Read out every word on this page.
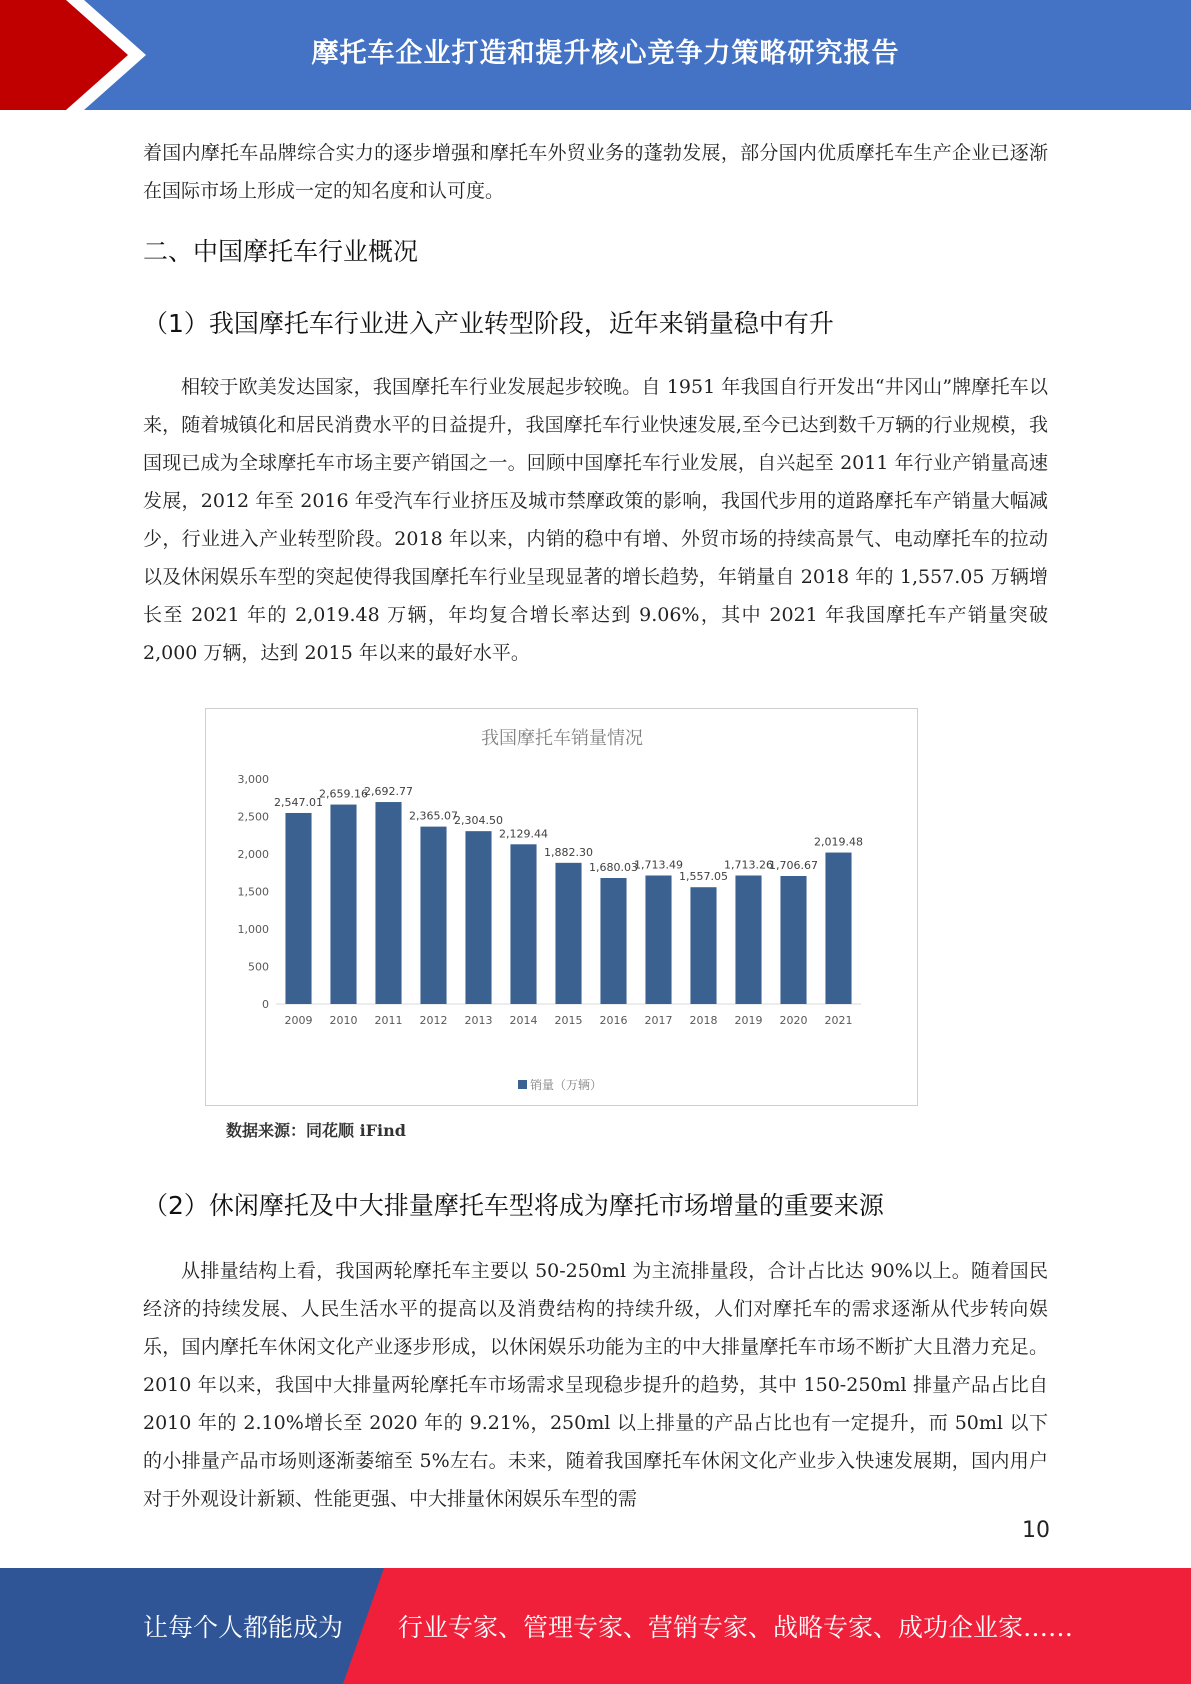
摩托车企业打造和提升核心竞争力策略研究报告

着国内摩托车品牌综合实力的逐步增强和摩托车外贸业务的蓬勃发展，部分国内优质摩托车生产企业已逐渐在国际市场上形成一定的知名度和认可度。

二、中国摩托车行业概况
（1）我国摩托车行业进入产业转型阶段，近年来销量稳中有升

相较于欧美发达国家，我国摩托车行业发展起步较晚。自 1951 年我国自行开发出“井冈山”牌摩托车以来，随着城镇化和居民消费水平的日益提升，我国摩托车行业快速发展,至今已达到数千万辆的行业规模，我国现已成为全球摩托车市场主要产销国之一。回顾中国摩托车行业发展，自兴起至 2011 年行业产销量高速发展，2012 年至 2016 年受汽车行业挤压及城市禁摩政策的影响，我国代步用的道路摩托车产销量大幅减少，行业进入产业转型阶段。2018 年以来，内销的稳中有增、外贸市场的持续高景气、电动摩托车的拉动以及休闲娱乐车型的突起使得我国摩托车行业呈现显著的增长趋势，年销量自 2018 年的 1,557.05 万辆增长至 2021 年的 2,019.48 万辆，年均复合增长率达到 9.06%，其中 2021 年我国摩托车产销量突破 2,000 万辆，达到 2015 年以来的最好水平。

我国摩托车销量情况
0
500
1,000
1,500
2,000
2,500
3,000
2,547.01
2,659.16
2,692.77
2,365.07
2,304.50
2,129.44
1,882.30
1,680.03
1,713.49
1,557.05
1,713.26
1,706.67
2,019.48
2009 2010 2011 2012 2013 2014 2015 2016 2017 2018 2019 2020 2021
销量（万辆）
数据来源：同花顺 iFind
（2）休闲摩托及中大排量摩托车型将成为摩托市场增量的重要来源

从排量结构上看，我国两轮摩托车主要以 50-250ml 为主流排量段，合计占比达 90%以上。随着国民经济的持续发展、人民生活水平的提高以及消费结构的持续升级，人们对摩托车的需求逐渐从代步转向娱乐，国内摩托车休闲文化产业逐步形成，以休闲娱乐功能为主的中大排量摩托车市场不断扩大且潜力充足。2010 年以来，我国中大排量两轮摩托车市场需求呈现稳步提升的趋势，其中 150-250ml 排量产品占比自 2010 年的 2.10%增长至 2020 年的 9.21%，250ml 以上排量的产品占比也有一定提升，而 50ml 以下的小排量产品市场则逐渐萎缩至 5%左右。未来，随着我国摩托车休闲文化产业步入快速发展期，国内用户对于外观设计新颖、性能更强、中大排量休闲娱乐车型的需

10
让每个人都能成为 行业专家、管理专家、营销专家、战略专家、成功企业家……
